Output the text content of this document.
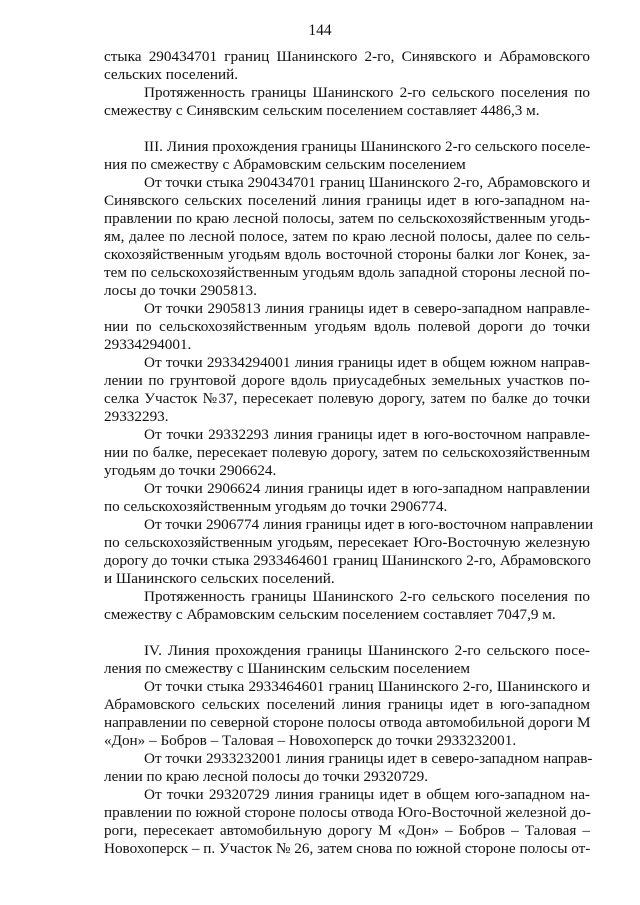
144
стыка 290434701 границ Шанинского 2-го, Синявского и Абрамовского
сельских поселений.
Протяженность границы Шанинского 2-го сельского поселения по
смежеству с Синявским сельским поселением составляет 4486,3 м.
III. Линия прохождения границы Шанинского 2-го сельского поселе-
ния по смежеству с Абрамовским сельским поселением
От точки стыка 290434701 границ Шанинского 2-го, Абрамовского и
Синявского сельских поселений линия границы идет в юго-западном на-
правлении по краю лесной полосы, затем по сельскохозяйственным угодь-
ям, далее по лесной полосе, затем по краю лесной полосы, далее по сель-
скохозяйственным угодьям вдоль восточной стороны балки лог Конек, за-
тем по сельскохозяйственным угодьям вдоль западной стороны лесной по-
лосы до точки 2905813.
От точки 2905813 линия границы идет в северо-западном направле-
нии по сельскохозяйственным угодьям вдоль полевой дороги до точки
29334294001.
От точки 29334294001 линия границы идет в общем южном направ-
лении по грунтовой дороге вдоль приусадебных земельных участков по-
селка Участок №37, пересекает полевую дорогу, затем по балке до точки
29332293.
От точки 29332293 линия границы идет в юго-восточном направле-
нии по балке, пересекает полевую дорогу, затем по сельскохозяйственным
угодьям до точки 2906624.
От точки 2906624 линия границы идет в юго-западном направлении
по сельскохозяйственным угодьям до точки 2906774.
От точки 2906774 линия границы идет в юго-восточном направлении
по сельскохозяйственным угодьям, пересекает Юго-Восточную железную
дорогу до точки стыка 2933464601 границ Шанинского 2-го, Абрамовского
и Шанинского сельских поселений.
Протяженность границы Шанинского 2-го сельского поселения по
смежеству с Абрамовским сельским поселением составляет 7047,9 м.
IV. Линия прохождения границы Шанинского 2-го сельского посе-
ления по смежеству с Шанинским сельским поселением
От точки стыка 2933464601 границ Шанинского 2-го, Шанинского и
Абрамовского сельских поселений линия границы идет в юго-западном
направлении по северной стороне полосы отвода автомобильной дороги М
«Дон» – Бобров – Таловая – Новохоперск до точки 2933232001.
От точки 2933232001 линия границы идет в северо-западном направ-
лении по краю лесной полосы до точки 29320729.
От точки 29320729 линия границы идет в общем юго-западном на-
правлении по южной стороне полосы отвода Юго-Восточной железной до-
роги, пересекает автомобильную дорогу М «Дон» – Бобров – Таловая –
Новохоперск – п. Участок № 26, затем снова по южной стороне полосы от-
